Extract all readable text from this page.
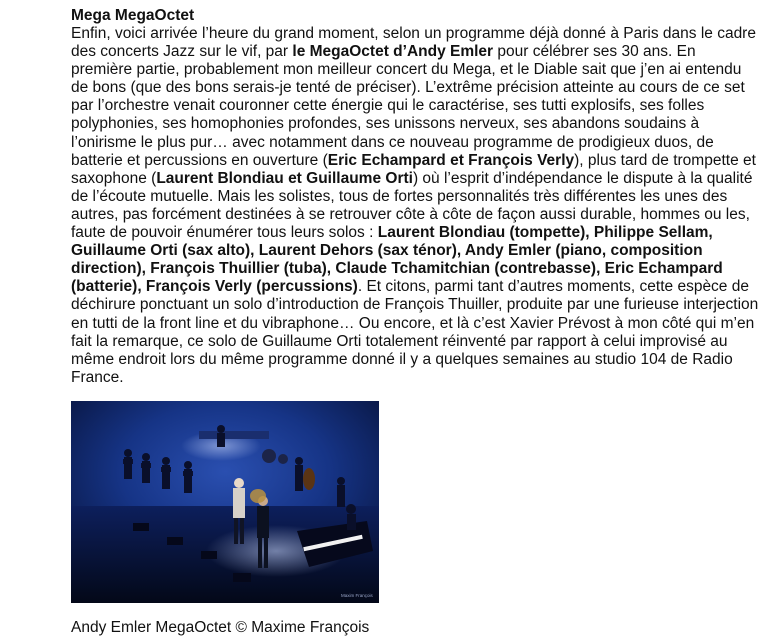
Mega MegaOctet

Enfin, voici arrivée l’heure du grand moment, selon un programme déjà donné à Paris dans le cadre des concerts Jazz sur le vif, par le MegaOctet d’Andy Emler pour célébrer ses 30 ans. En première partie, probablement mon meilleur concert du Mega, et le Diable sait que j’en ai entendu de bons (que des bons serais-je tenté de préciser). L’extrême précision atteinte au cours de ce set par l’orchestre venait couronner cette énergie qui le caractérise, ses tutti explosifs, ses folles polyphonies, ses homophonies profondes, ses unissons nerveux, ses abandons soudains à l’onirisme le plus pur… avec notamment dans ce nouveau programme de prodigieux duos, de batterie et percussions en ouverture (Eric Echampard et François Verly), plus tard de trompette et saxophone (Laurent Blondiau et Guillaume Orti) où l’esprit d’indépendance le dispute à la qualité de l’écoute mutuelle. Mais les solistes, tous de fortes personnalités très différentes les unes des autres, pas forcément destinées à se retrouver côte à côte de façon aussi durable, hommes ou les, faute de pouvoir énumérer tous leurs solos : Laurent Blondiau (tompette), Philippe Sellam, Guillaume Orti (sax alto), Laurent Dehors (sax ténor), Andy Emler (piano, composition direction), François Thuillier (tuba), Claude Tchamitchian (contrebasse), Eric Echampard (batterie), François Verly (percussions). Et citons, parmi tant d’autres moments, cette espèce de déchirure ponctuant un solo d’introduction de François Thuiller, produite par une furieuse interjection en tutti de la front line et du vibraphone… Ou encore, et là c’est Xavier Prévost à mon côté qui m’en fait la remarque, ce solo de Guillaume Orti totalement réinventé par rapport à celui improvisé au même endroit lors du même programme donné il y a quelques semaines au studio 104 de Radio France.

Maxim François

Andy Emler MegaOctet © Maxime François
